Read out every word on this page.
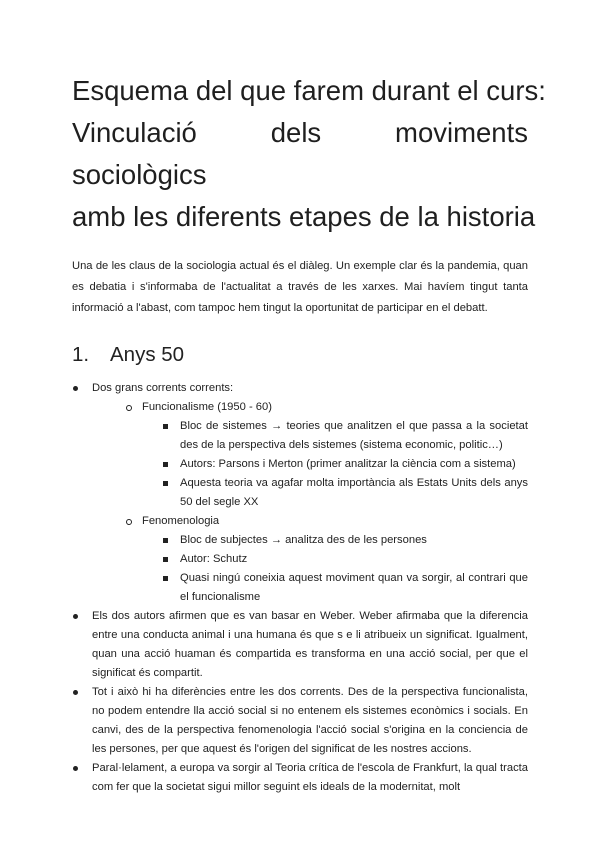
Esquema del que farem durant el curs:
Vinculació dels moviments sociològics
amb les diferents etapes de la historia

Una de les claus de la sociologia actual és el diàleg. Un exemple clar és la pandemia, quan es debatia i s'informaba de l'actualitat a través de les xarxes. Mai havíem tingut tanta informació a l'abast, com tampoc hem tingut la oportunitat de participar en el debatt.

1.	Anys 50
Dos grans corrents corrents:
Funcionalisme (1950 - 60)
Bloc de sistemes → teories que analitzen el que passa a la societat des de la perspectiva dels sistemes (sistema economic, politic…)
Autors: Parsons i Merton (primer analitzar la ciència com a sistema)
Aquesta teoria va agafar molta importància als Estats Units dels anys 50 del segle XX
Fenomenologia
Bloc de subjectes → analitza des de les persones
Autor: Schutz
Quasi ningú coneixia aquest moviment quan va sorgir, al contrari que el funcionalisme
Els dos autors afirmen que es van basar en Weber. Weber afirmaba que la diferencia entre una conducta animal i una humana és que s e li atribueix un significat. Igualment, quan una acció huaman és compartida es transforma en una acció social, per que el significat és compartit.
Tot i això hi ha diferències entre les dos corrents. Des de la perspectiva funcionalista, no podem entendre lla acció social si no entenem els sistemes econòmics i socials. En canvi, des de la perspectiva fenomenologia l'acció social s'origina en la conciencia de les persones, per que aquest és l'origen del significat de les nostres accions.
Paral·lelament, a europa va sorgir al Teoria crítica de l'escola de Frankfurt, la qual tracta com fer que la societat sigui millor seguint els ideals de la modernitat, molt
